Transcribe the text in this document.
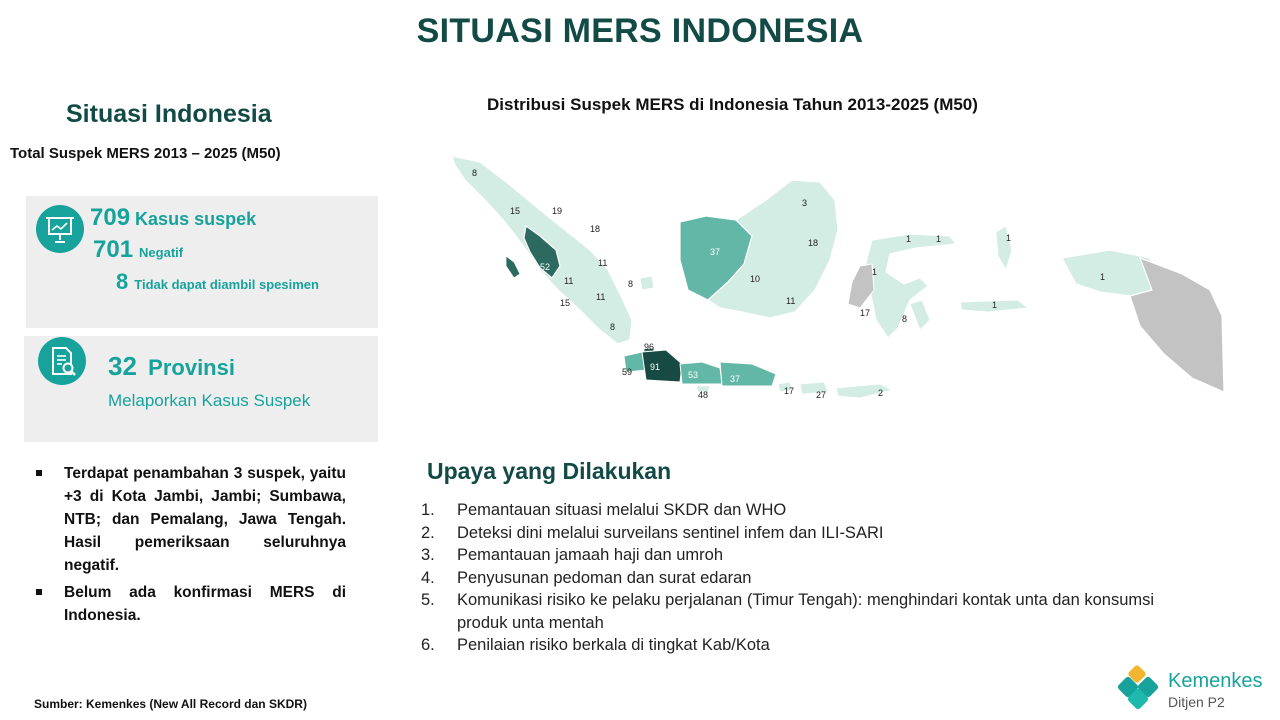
SITUASI MERS INDONESIA
Situasi Indonesia
Total Suspek MERS 2013 – 2025 (M50)
709 Kasus suspek
701 Negatif
8 Tidak dapat diambil spesimen
32 Provinsi
Melaporkan Kasus Suspek
Terdapat penambahan 3 suspek, yaitu +3 di Kota Jambi, Jambi; Sumbawa, NTB; dan Pemalang, Jawa Tengah. Hasil pemeriksaan seluruhnya negatif.
Belum ada konfirmasi MERS di Indonesia.
Sumber: Kemenkes (New All Record dan SKDR)
Distribusi Suspek MERS di Indonesia Tahun 2013-2025 (M50)
8
15	19
18
52
11
15
11
8
11
8
37
3
18
10
11
1	1	1
1	1
17
8
1
96
59 91
53	37
48	17 27	2
Upaya yang Dilakukan
1. Pemantauan situasi melalui SKDR dan WHO
2. Deteksi dini melalui surveilans sentinel infem dan ILI-SARI
3. Pemantauan jamaah haji dan umroh
4. Penyusunan pedoman dan surat edaran
5. Komunikasi risiko ke pelaku perjalanan (Timur Tengah): menghindari kontak unta dan konsumsi produk unta mentah
6. Penilaian risiko berkala di tingkat Kab/Kota
Kemenkes
Ditjen P2
